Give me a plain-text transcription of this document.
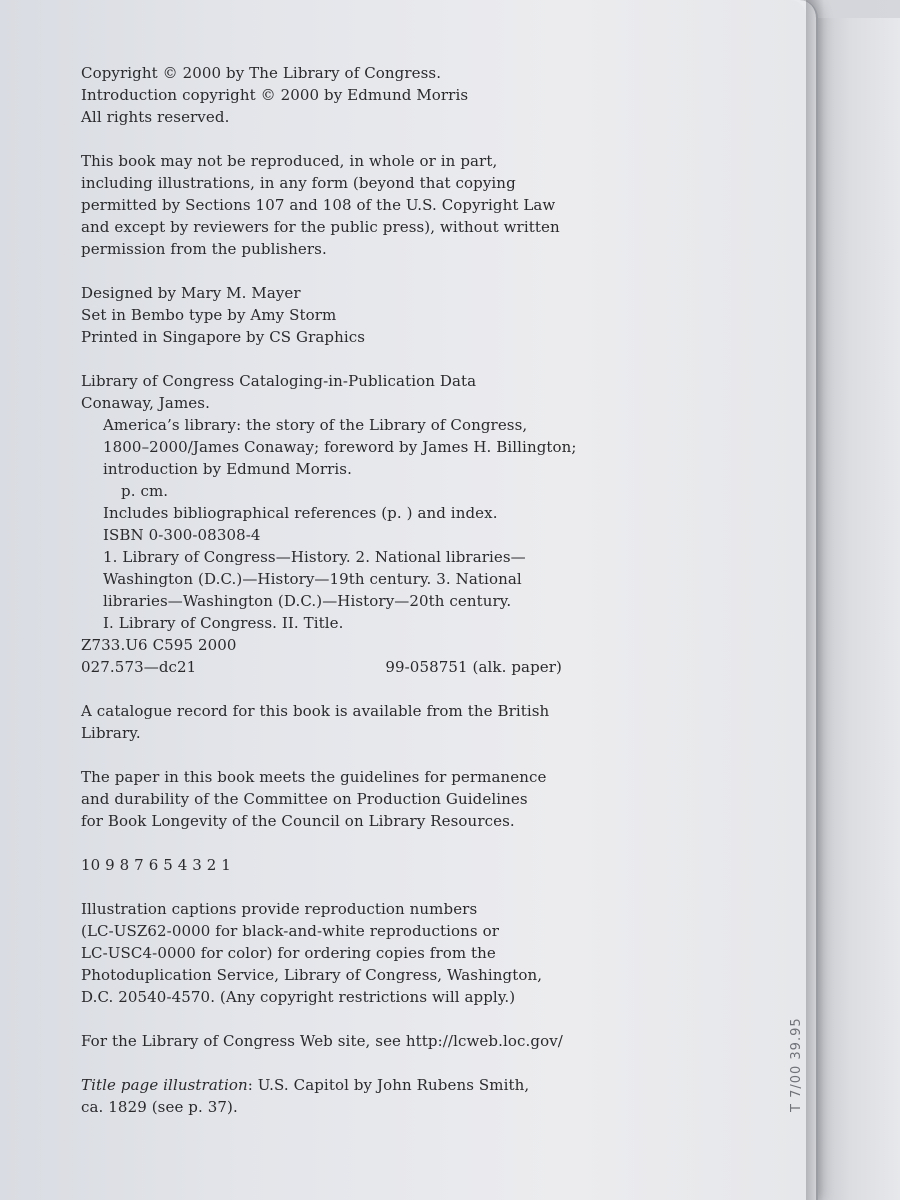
Copyright © 2000 by The Library of Congress.
Introduction copyright © 2000 by Edmund Morris
All rights reserved.
This book may not be reproduced, in whole or in part,
including illustrations, in any form (beyond that copying
permitted by Sections 107 and 108 of the U.S. Copyright Law
and except by reviewers for the public press), without written
permission from the publishers.
Designed by Mary M. Mayer
Set in Bembo type by Amy Storm
Printed in Singapore by CS Graphics
Library of Congress Cataloging-in-Publication Data
Conaway, James.
America’s library: the story of the Library of Congress,
1800–2000/James Conaway; foreword by James H. Billington;
introduction by Edmund Morris.
p. cm.
Includes bibliographical references (p. ) and index.
ISBN 0-300-08308-4
1. Library of Congress—History. 2. National libraries—
Washington (D.C.)—History—19th century. 3. National
libraries—Washington (D.C.)—History—20th century.
I. Library of Congress. II. Title.
Z733.U6 C595 2000
027.573—dc21	99-058751 (alk. paper)
A catalogue record for this book is available from the British
Library.
The paper in this book meets the guidelines for permanence
and durability of the Committee on Production Guidelines
for Book Longevity of the Council on Library Resources.
10 9 8 7 6 5 4 3 2 1
Illustration captions provide reproduction numbers
(LC-USZ62-0000 for black-and-white reproductions or
LC-USC4-0000 for color) for ordering copies from the
Photoduplication Service, Library of Congress, Washington,
D.C. 20540-4570. (Any copyright restrictions will apply.)
For the Library of Congress Web site, see http://lcweb.loc.gov/
Title page illustration: U.S. Capitol by John Rubens Smith,
ca. 1829 (see p. 37).	T 7/00 39.95
